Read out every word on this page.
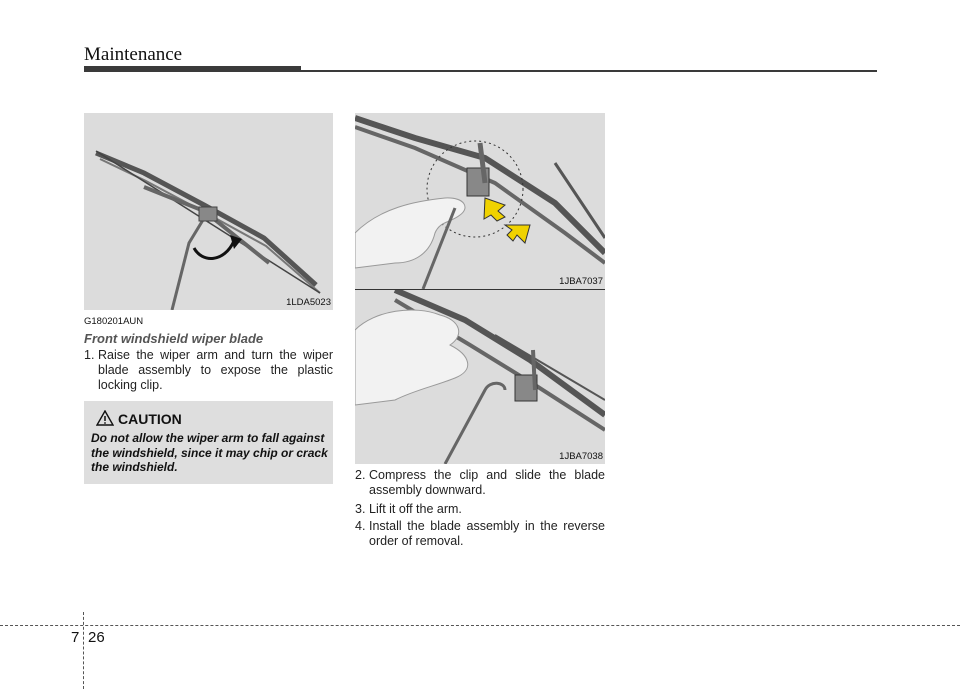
Maintenance
1LDA5023
G180201AUN
Front windshield wiper blade
1. Raise the wiper arm and turn the wiper blade assembly to expose the plastic locking clip.
CAUTION
Do not allow the wiper arm to fall against the windshield, since it may chip or crack the windshield.
1JBA7037
1JBA7038
2. Compress the clip and slide the blade assembly downward.
3. Lift it off the arm.
4. Install the blade assembly in the reverse order of removal.
7 26
